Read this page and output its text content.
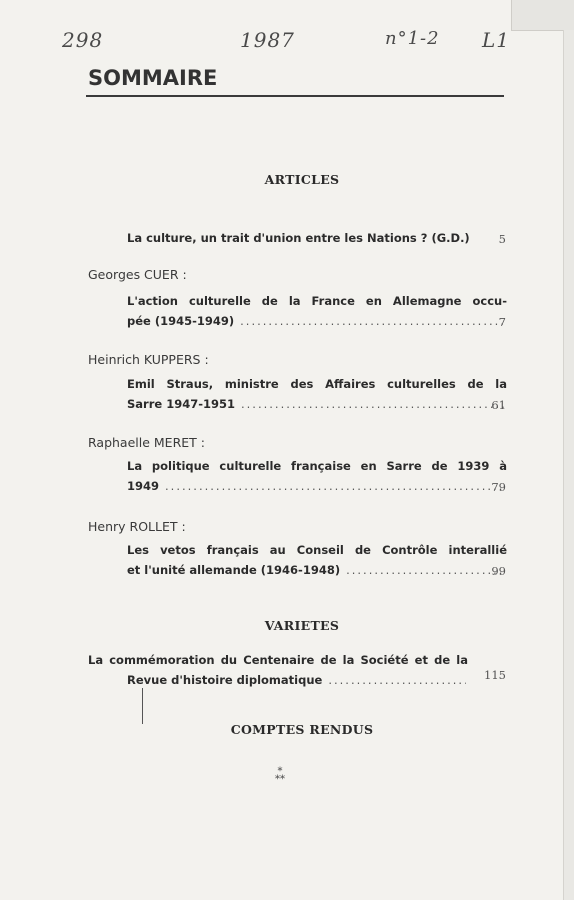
298	1987	n°1-2 L1
SOMMAIRE
ARTICLES
La culture, un trait d'union entre les Nations ? (G.D.)	5
Georges CUER :
L'action culturelle de la France en Allemagne occu-
pée (1945-1949) .....	7
Heinrich KUPPERS :
Emil Straus, ministre des Affaires culturelles de la
Sarre 1947-1951 .....	61
Raphaelle MERET :
La politique culturelle française en Sarre de 1939 à
1949 .....	79
Henry ROLLET :
Les vetos français au Conseil de Contrôle interallié
et l'unité allemande (1946-1948) .....	99
VARIETES
La commémoration du Centenaire de la Société et de la
Revue d'histoire diplomatique .....	115
COMPTES RENDUS
*
**
